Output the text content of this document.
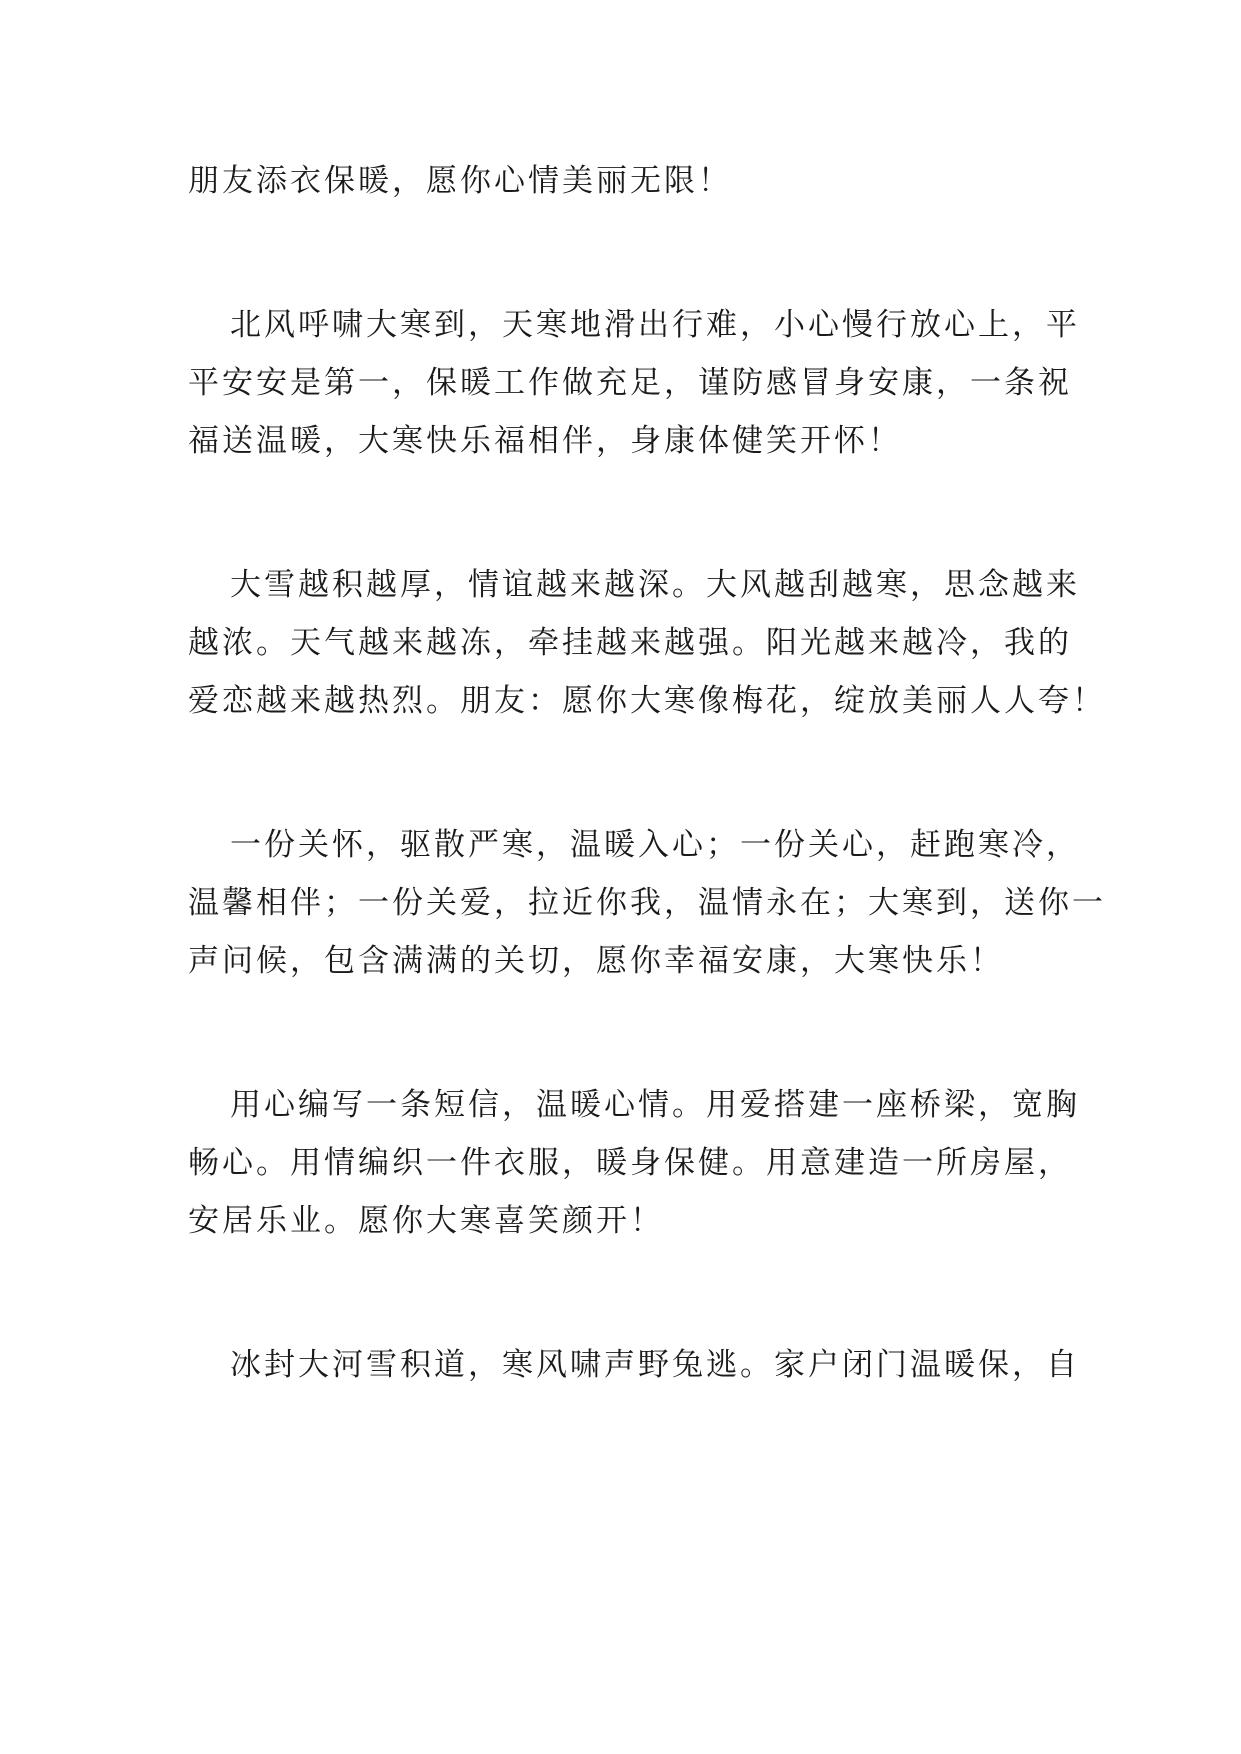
朋友添衣保暖，愿你心情美丽无限！
北风呼啸大寒到，天寒地滑出行难，小心慢行放心上，平
平安安是第一，保暖工作做充足，谨防感冒身安康，一条祝
福送温暖，大寒快乐福相伴，身康体健笑开怀！
大雪越积越厚，情谊越来越深。大风越刮越寒，思念越来
越浓。天气越来越冻，牵挂越来越强。阳光越来越冷，我的
爱恋越来越热烈。朋友：愿你大寒像梅花，绽放美丽人人夸！
一份关怀，驱散严寒，温暖入心；一份关心，赶跑寒冷，
温馨相伴；一份关爱，拉近你我，温情永在；大寒到，送你一
声问候，包含满满的关切，愿你幸福安康，大寒快乐！
用心编写一条短信，温暖心情。用爱搭建一座桥梁，宽胸
畅心。用情编织一件衣服，暖身保健。用意建造一所房屋，
安居乐业。愿你大寒喜笑颜开！
冰封大河雪积道，寒风啸声野兔逃。家户闭门温暖保，自
